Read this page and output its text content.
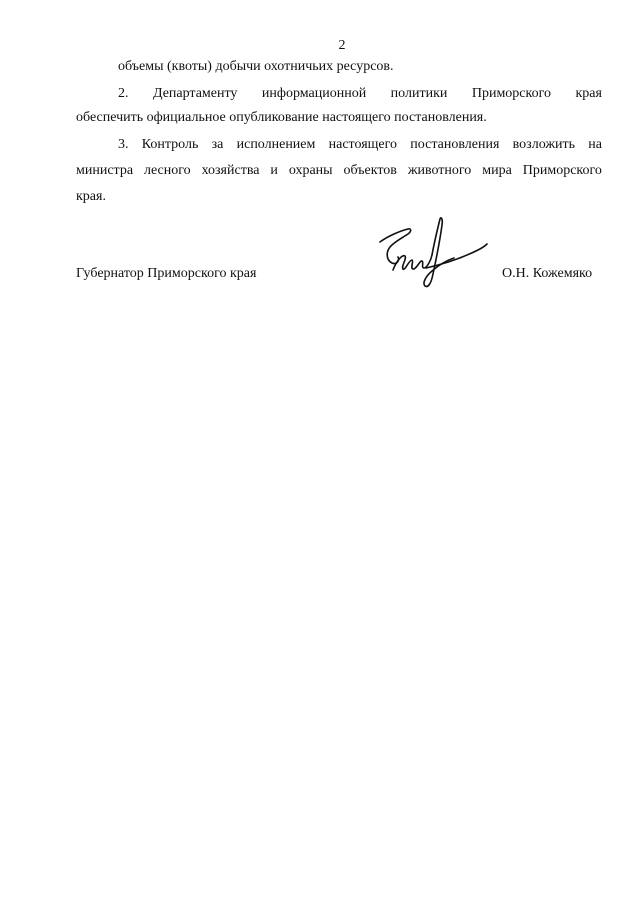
2
объемы (квоты) добычи охотничьих ресурсов.
2. Департаменту информационной политики Приморского края
обеспечить официальное опубликование настоящего постановления.
3. Контроль за исполнением настоящего постановления возложить на
министра лесного хозяйства и охраны объектов животного мира Приморского
края.
Губернатор Приморского края	О.Н. Кожемяко
